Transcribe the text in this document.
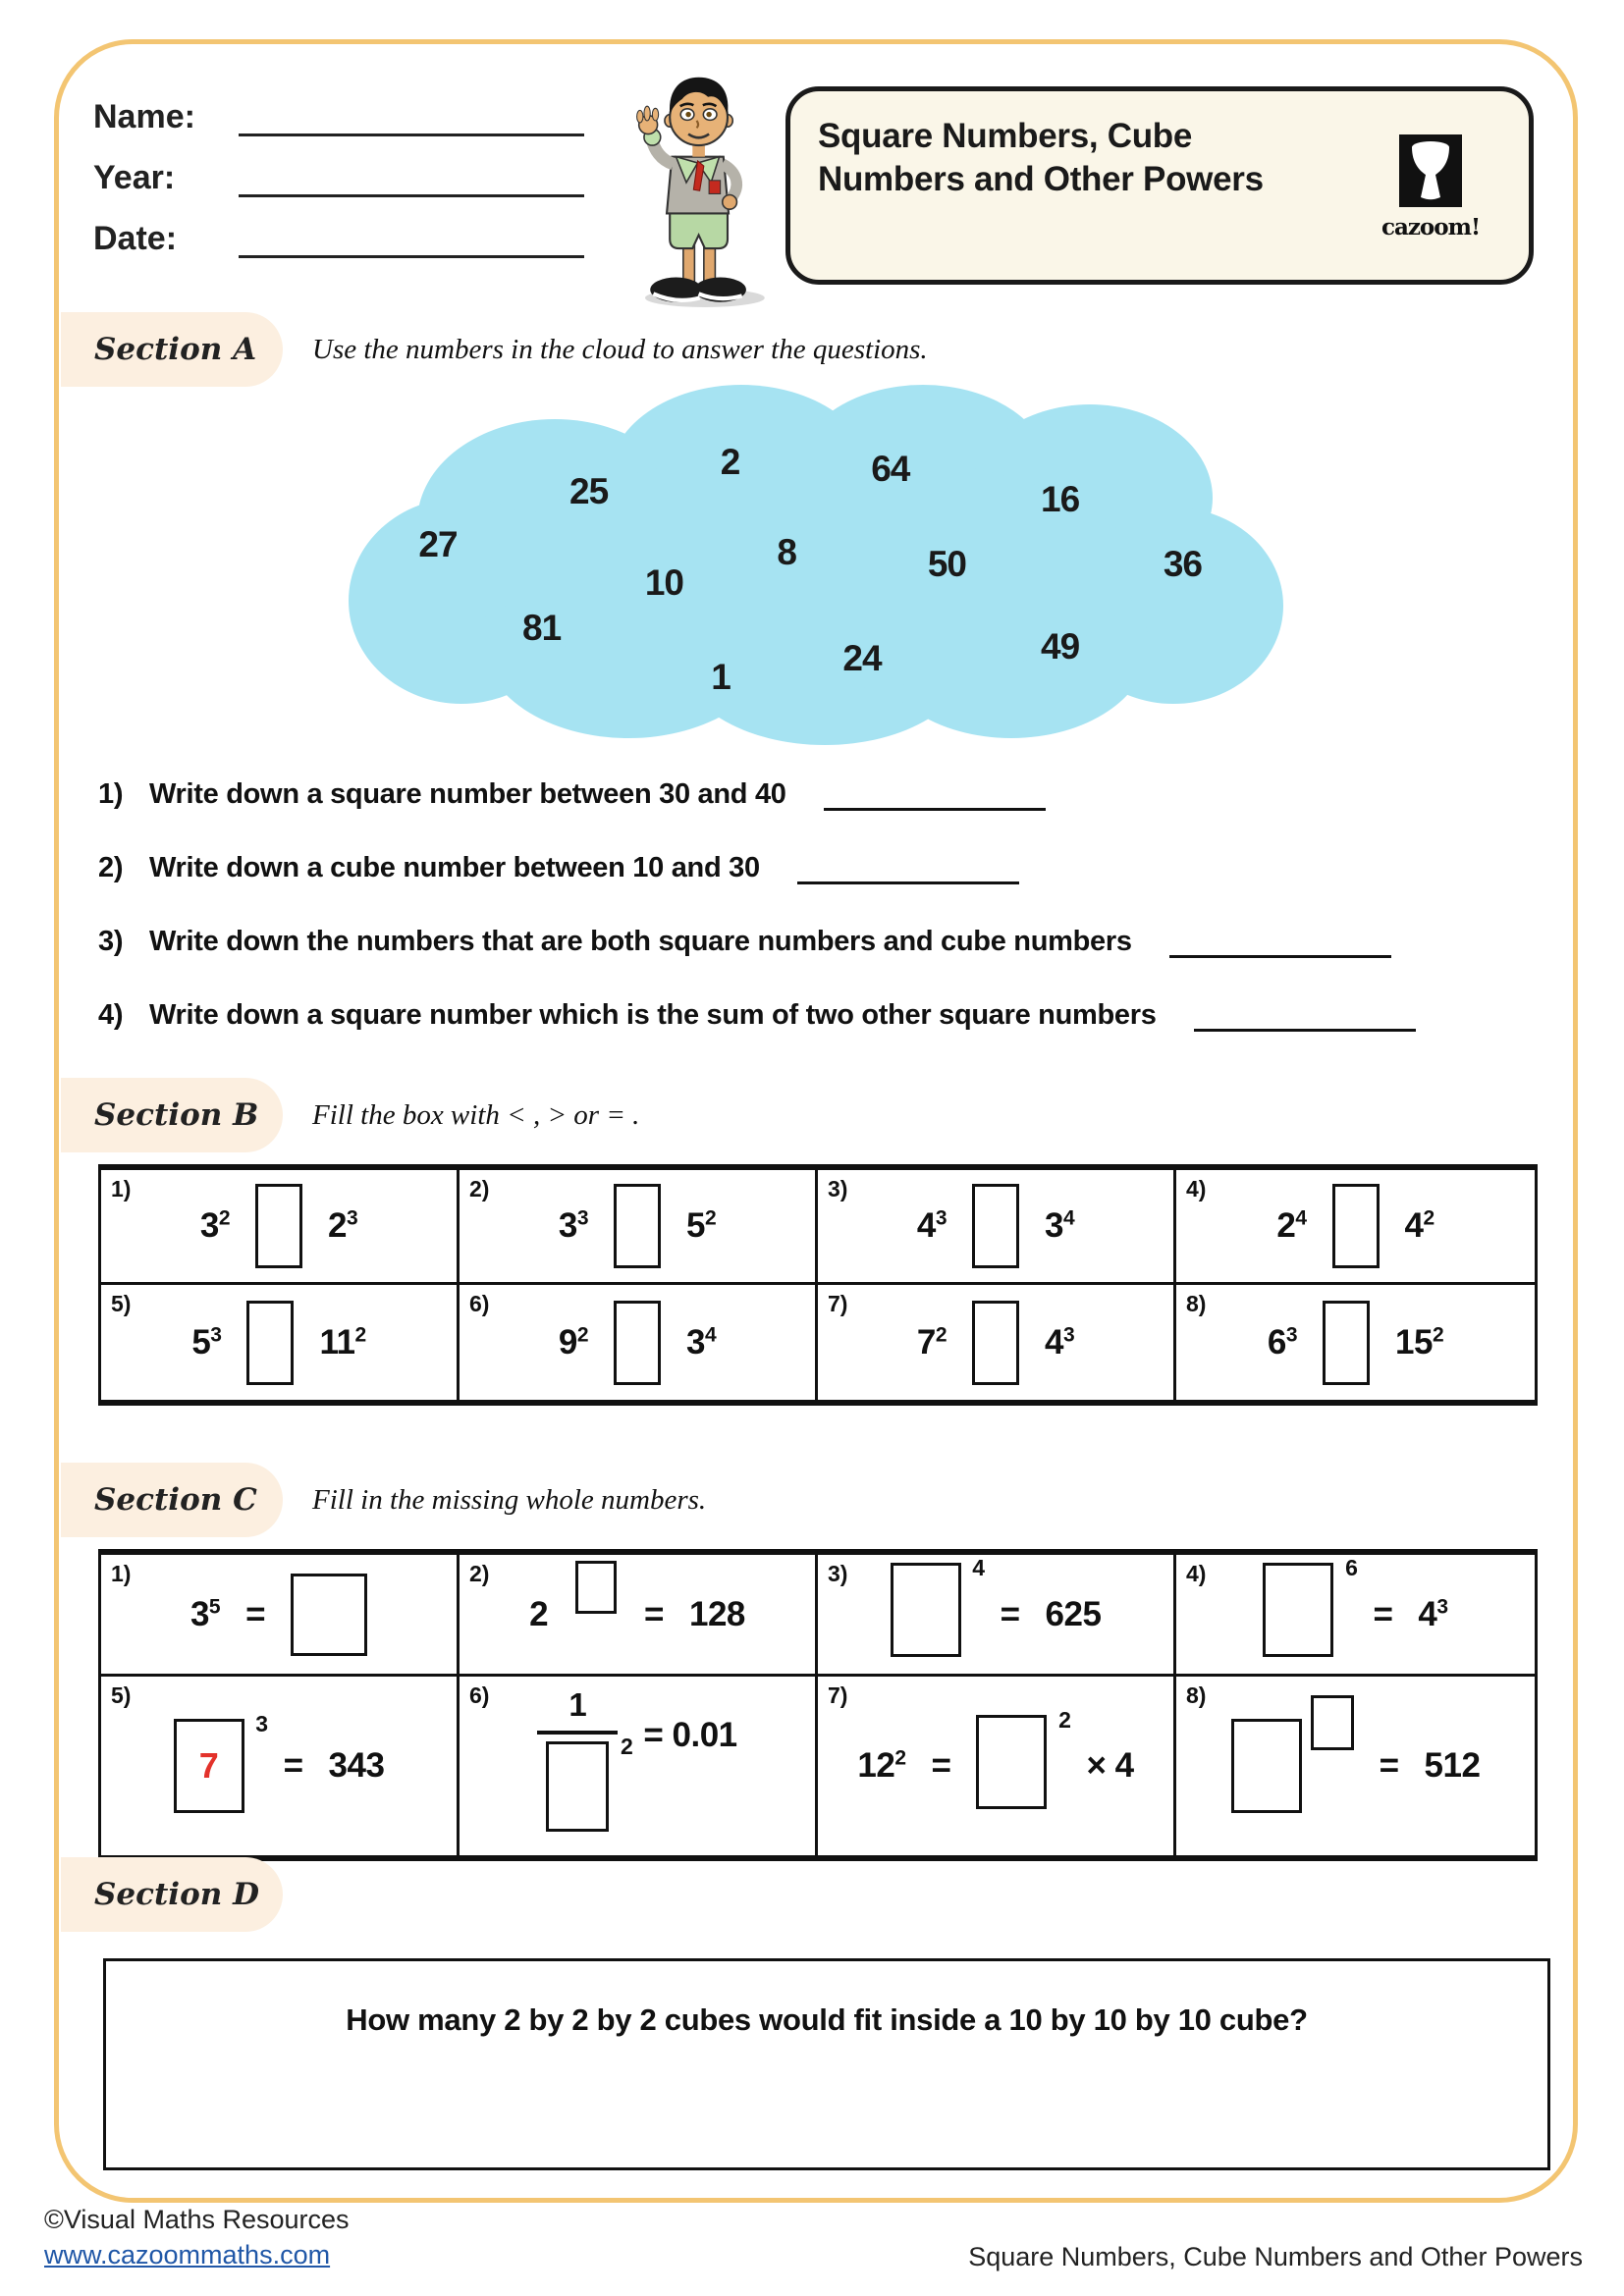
Name:
Year:
Date:
Square Numbers, Cube Numbers and Other Powers
cazoom!
Section A Use the numbers in the cloud to answer the questions.
27
25
2	64
16
8
10	50	36
81
1	24	49
1) Write down a square number between 30 and 40
2) Write down a cube number between 10 and 30
3) Write down the numbers that are both square numbers and cube numbers
4) Write down a square number which is the sum of two other square numbers
Section B Fill the box with < , > or = .
1)
$3^2$	$2^3$
2)
$3^3$	$5^2$
3)
$4^3$	$3^4$
4)
$2^4$	$4^2$
5)
$5^3$	$11^2$
6)
$9^2$	$3^4$
7)
$7^2$	$4^3$
8)
$6^3$	$15^2$
Section C Fill in the missing whole numbers.
1)
$3^5$ =
2)
2	= 128
3)	4
= 625
4)	6
= $4^3$
5)
7
3
= 343
$6) \frac{1}{2} = 0.01$
7)
$12^2$ =
2
× 4
8)
= 512
Section D
How many 2 by 2 by 2 cubes would fit inside a 10 by 10 by 10 cube?
©Visual Maths Resources
www.cazoommaths.com	Square Numbers, Cube Numbers and Other Powers
